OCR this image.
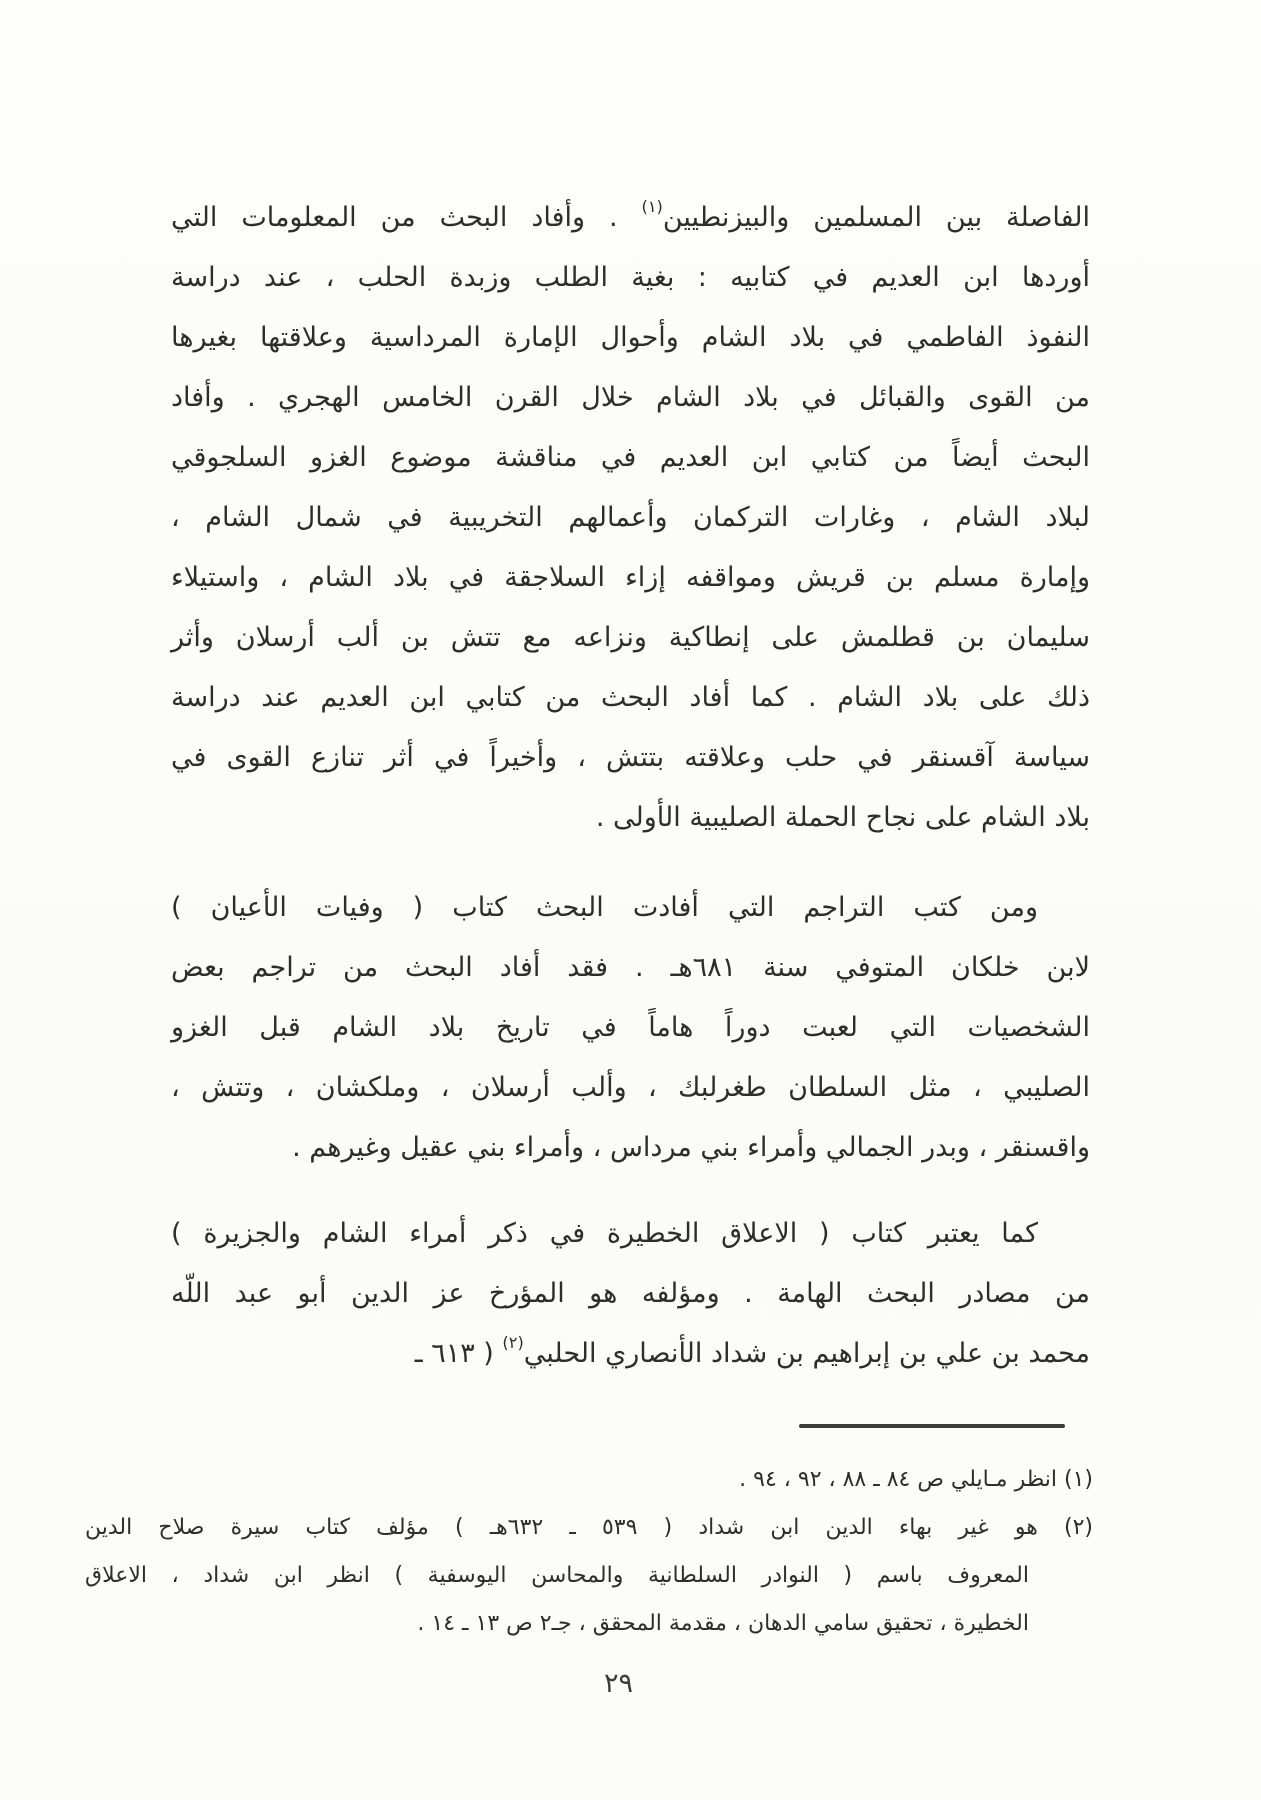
الفاصلة بين المسلمين والبيزنطيين$^{(١)}$ . وأفاد البحث من المعلومات التي
أوردها ابن العديم في كتابيه : بغية الطلب وزبدة الحلب ، عند دراسة
النفوذ الفاطمي في بلاد الشام وأحوال الإمارة المرداسية وعلاقتها بغيرها
من القوى والقبائل في بلاد الشام خلال القرن الخامس الهجري . وأفاد
البحث أيضاً من كتابي ابن العديم في مناقشة موضوع الغزو السلجوقي
لبلاد الشام ، وغارات التركمان وأعمالهم التخريبية في شمال الشام ،
وإمارة مسلم بن قريش ومواقفه إزاء السلاجقة في بلاد الشام ، واستيلاء
سليمان بن قطلمش على إنطاكية ونزاعه مع تتش بن ألب أرسلان وأثر
ذلك على بلاد الشام . كما أفاد البحث من كتابي ابن العديم عند دراسة
سياسة آقسنقر في حلب وعلاقته بتتش ، وأخيراً في أثر تنازع القوى في
بلاد الشام على نجاح الحملة الصليبية الأولى .
ومن كتب التراجم التي أفادت البحث كتاب ( وفيات الأعيان )
لابن خلكان المتوفي سنة ٦٨١هـ . فقد أفاد البحث من تراجم بعض
الشخصيات التي لعبت دوراً هاماً في تاريخ بلاد الشام قبل الغزو
الصليبي ، مثل السلطان طغرلبك ، وألب أرسلان ، وملكشان ، وتتش ،
واقسنقر ، وبدر الجمالي وأمراء بني مرداس ، وأمراء بني عقيل وغيرهم .
كما يعتبر كتاب ( الاعلاق الخطيرة في ذكر أمراء الشام والجزيرة )
من مصادر البحث الهامة . ومؤلفه هو المؤرخ عز الدين أبو عبد اللّه
محمد بن علي بن إبراهيم بن شداد الأنصاري الحلبي$^{(٢)}$ ( ٦١٣ ـ
(١) انظر مـايلي ص ٨٤ ـ ٨٨ ، ٩٢ ، ٩٤ .
(٢) هو غير بهاء الدين ابن شداد ( ٥٣٩ ـ ٦٣٢هـ ) مؤلف كتاب سيرة صلاح الدين
المعروف باسم ( النوادر السلطانية والمحاسن اليوسفية ) انظر ابن شداد ، الاعلاق
الخطيرة ، تحقيق سامي الدهان ، مقدمة المحقق ، جـ٢ ص ١٣ ـ ١٤ .
٢٩
